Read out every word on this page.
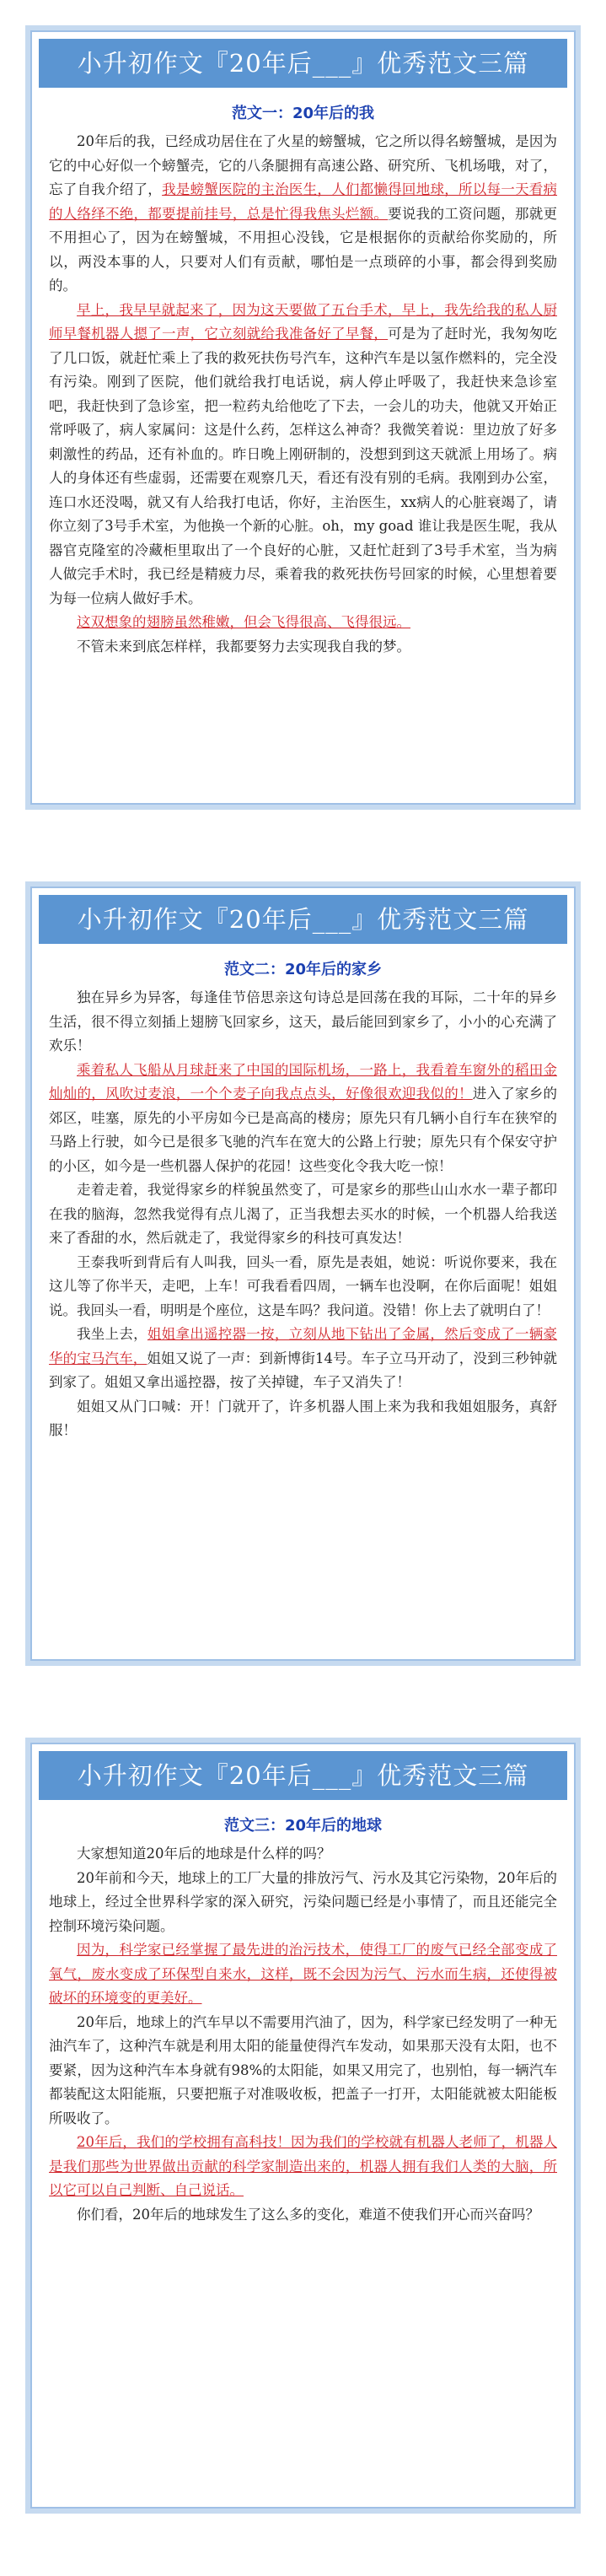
小升初作文『20年后___』优秀范文三篇
范文一：20年后的我

20年后的我，已经成功居住在了火星的螃蟹城，它之所以得名螃蟹城，是因为它的中心好似一个螃蟹壳，它的八条腿拥有高速公路、研究所、飞机场哦，对了，忘了自我介绍了，我是螃蟹医院的主治医生，人们都懒得回地球，所以每一天看病的人络绎不绝，都要提前挂号，总是忙得我焦头烂额。要说我的工资问题，那就更不用担心了，因为在螃蟹城，不用担心没钱，它是根据你的贡献给你奖励的，所以，两没本事的人，只要对人们有贡献，哪怕是一点琐碎的小事，都会得到奖励的。

早上，我早早就起来了，因为这天要做了五台手术，早上，我先给我的私人厨师早餐机器人摁了一声，它立刻就给我准备好了早餐，可是为了赶时光，我匆匆吃了几口饭，就赶忙乘上了我的救死扶伤号汽车，这种汽车是以氢作燃料的，完全没有污染。刚到了医院，他们就给我打电话说，病人停止呼吸了，我赶快来急诊室吧，我赶快到了急诊室，把一粒药丸给他吃了下去，一会儿的功夫，他就又开始正常呼吸了，病人家属问：这是什么药，怎样这么神奇？我微笑着说：里边放了好多刺激性的药品，还有补血的。昨日晚上刚研制的，没想到到这天就派上用场了。病人的身体还有些虚弱，还需要在观察几天，看还有没有别的毛病。我刚到办公室，连口水还没喝，就又有人给我打电话，你好，主治医生，xx病人的心脏衰竭了，请你立刻了3号手术室，为他换一个新的心脏。oh，my goad 谁让我是医生呢，我从器官克隆室的冷藏柜里取出了一个良好的心脏，又赶忙赶到了3号手术室，当为病人做完手术时，我已经是精疲力尽，乘着我的救死扶伤号回家的时候，心里想着要为每一位病人做好手术。

这双想象的翅膀虽然稚嫩，但会飞得很高、飞得很远。

不管未来到底怎样样，我都要努力去实现我自我的梦。

小升初作文『20年后___』优秀范文三篇
范文二：20年后的家乡

独在异乡为异客，每逢佳节倍思亲这句诗总是回荡在我的耳际，二十年的异乡生活，很不得立刻插上翅膀飞回家乡，这天，最后能回到家乡了，小小的心充满了欢乐！

乘着私人飞船从月球赶来了中国的国际机场，一路上，我看着车窗外的稻田金灿灿的，风吹过麦浪，一个个麦子向我点点头，好像很欢迎我似的！进入了家乡的郊区，哇塞，原先的小平房如今已是高高的楼房；原先只有几辆小自行车在狭窄的马路上行驶，如今已是很多飞驰的汽车在宽大的公路上行驶；原先只有个保安守护的小区，如今是一些机器人保护的花园！这些变化令我大吃一惊！

走着走着，我觉得家乡的样貌虽然变了，可是家乡的那些山山水水一辈子都印在我的脑海，忽然我觉得有点儿渴了，正当我想去买水的时候，一个机器人给我送来了香甜的水，然后就走了，我觉得家乡的科技可真发达！

王泰我听到背后有人叫我，回头一看，原先是表姐，她说：听说你要来，我在这儿等了你半天，走吧，上车！可我看看四周，一辆车也没啊，在你后面呢！姐姐说。我回头一看，明明是个座位，这是车吗？我问道。没错！你上去了就明白了！

我坐上去，姐姐拿出遥控器一按，立刻从地下钻出了金属，然后变成了一辆豪华的宝马汽车，姐姐又说了一声：到新博街14号。车子立马开动了，没到三秒钟就到家了。姐姐又拿出遥控器，按了关掉键，车子又消失了！

姐姐又从门口喊：开！门就开了，许多机器人围上来为我和我姐姐服务，真舒服！

小升初作文『20年后___』优秀范文三篇
范文三：20年后的地球

大家想知道20年后的地球是什么样的吗？

20年前和今天，地球上的工厂大量的排放污气、污水及其它污染物，20年后的地球上，经过全世界科学家的深入研究，污染问题已经是小事情了，而且还能完全控制环境污染问题。

因为，科学家已经掌握了最先进的治污技术，使得工厂的废气已经全部变成了氧气，废水变成了环保型自来水，这样，既不会因为污气、污水而生病，还使得被破坏的环境变的更美好。

20年后，地球上的汽车早以不需要用汽油了，因为，科学家已经发明了一种无油汽车了，这种汽车就是利用太阳的能量使得汽车发动，如果那天没有太阳，也不要紧，因为这种汽车本身就有98%的太阳能，如果又用完了，也别怕，每一辆汽车都装配这太阳能瓶，只要把瓶子对准吸收板，把盖子一打开，太阳能就被太阳能板所吸收了。

20年后，我们的学校拥有高科技！因为我们的学校就有机器人老师了，机器人是我们那些为世界做出贡献的科学家制造出来的，机器人拥有我们人类的大脑，所以它可以自己判断、自己说话。

你们看，20年后的地球发生了这么多的变化，难道不使我们开心而兴奋吗？
